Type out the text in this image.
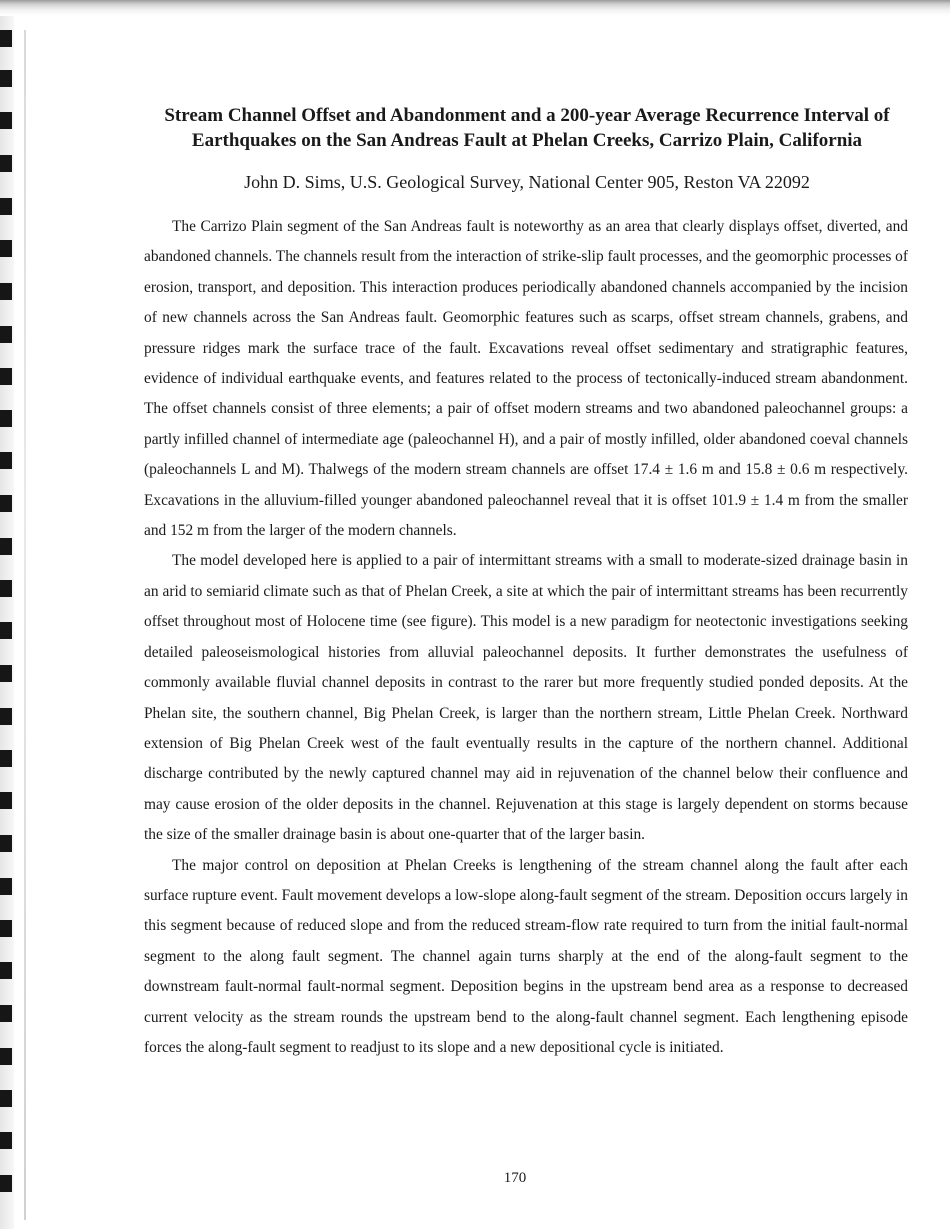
Stream Channel Offset and Abandonment and a 200-year Average Recurrence Interval of Earthquakes on the San Andreas Fault at Phelan Creeks, Carrizo Plain, California
John D. Sims, U.S. Geological Survey, National Center 905, Reston VA 22092

The Carrizo Plain segment of the San Andreas fault is noteworthy as an area that clearly displays offset, diverted, and abandoned channels. The channels result from the interaction of strike-slip fault processes, and the geomorphic processes of erosion, transport, and deposition. This interaction produces periodically abandoned channels accompanied by the incision of new channels across the San Andreas fault. Geomorphic features such as scarps, offset stream channels, grabens, and pressure ridges mark the surface trace of the fault. Excavations reveal offset sedimentary and stratigraphic features, evidence of individual earthquake events, and features related to the process of tectonically-induced stream abandonment. The offset channels consist of three elements; a pair of offset modern streams and two abandoned paleochannel groups: a partly infilled channel of intermediate age (paleochannel H), and a pair of mostly infilled, older abandoned coeval channels (paleochannels L and M). Thalwegs of the modern stream channels are offset 17.4 ± 1.6 m and 15.8 ± 0.6 m respectively. Excavations in the alluvium-filled younger abandoned paleochannel reveal that it is offset 101.9 ± 1.4 m from the smaller and 152 m from the larger of the modern channels.

The model developed here is applied to a pair of intermittant streams with a small to moderate-sized drainage basin in an arid to semiarid climate such as that of Phelan Creek, a site at which the pair of intermittant streams has been recurrently offset throughout most of Holocene time (see figure). This model is a new paradigm for neotectonic investigations seeking detailed paleoseismological histories from alluvial paleochannel deposits. It further demonstrates the usefulness of commonly available fluvial channel deposits in contrast to the rarer but more frequently studied ponded deposits. At the Phelan site, the southern channel, Big Phelan Creek, is larger than the northern stream, Little Phelan Creek. Northward extension of Big Phelan Creek west of the fault eventually results in the capture of the northern channel. Additional discharge contributed by the newly captured channel may aid in rejuvenation of the channel below their confluence and may cause erosion of the older deposits in the channel. Rejuvenation at this stage is largely dependent on storms because the size of the smaller drainage basin is about one-quarter that of the larger basin.

The major control on deposition at Phelan Creeks is lengthening of the stream channel along the fault after each surface rupture event. Fault movement develops a low-slope along-fault segment of the stream. Deposition occurs largely in this segment because of reduced slope and from the reduced stream-flow rate required to turn from the initial fault-normal segment to the along fault segment. The channel again turns sharply at the end of the along-fault segment to the downstream fault-normal fault-normal segment. Deposition begins in the upstream bend area as a response to decreased current velocity as the stream rounds the upstream bend to the along-fault channel segment. Each lengthening episode forces the along-fault segment to readjust to its slope and a new depositional cycle is initiated.

170
